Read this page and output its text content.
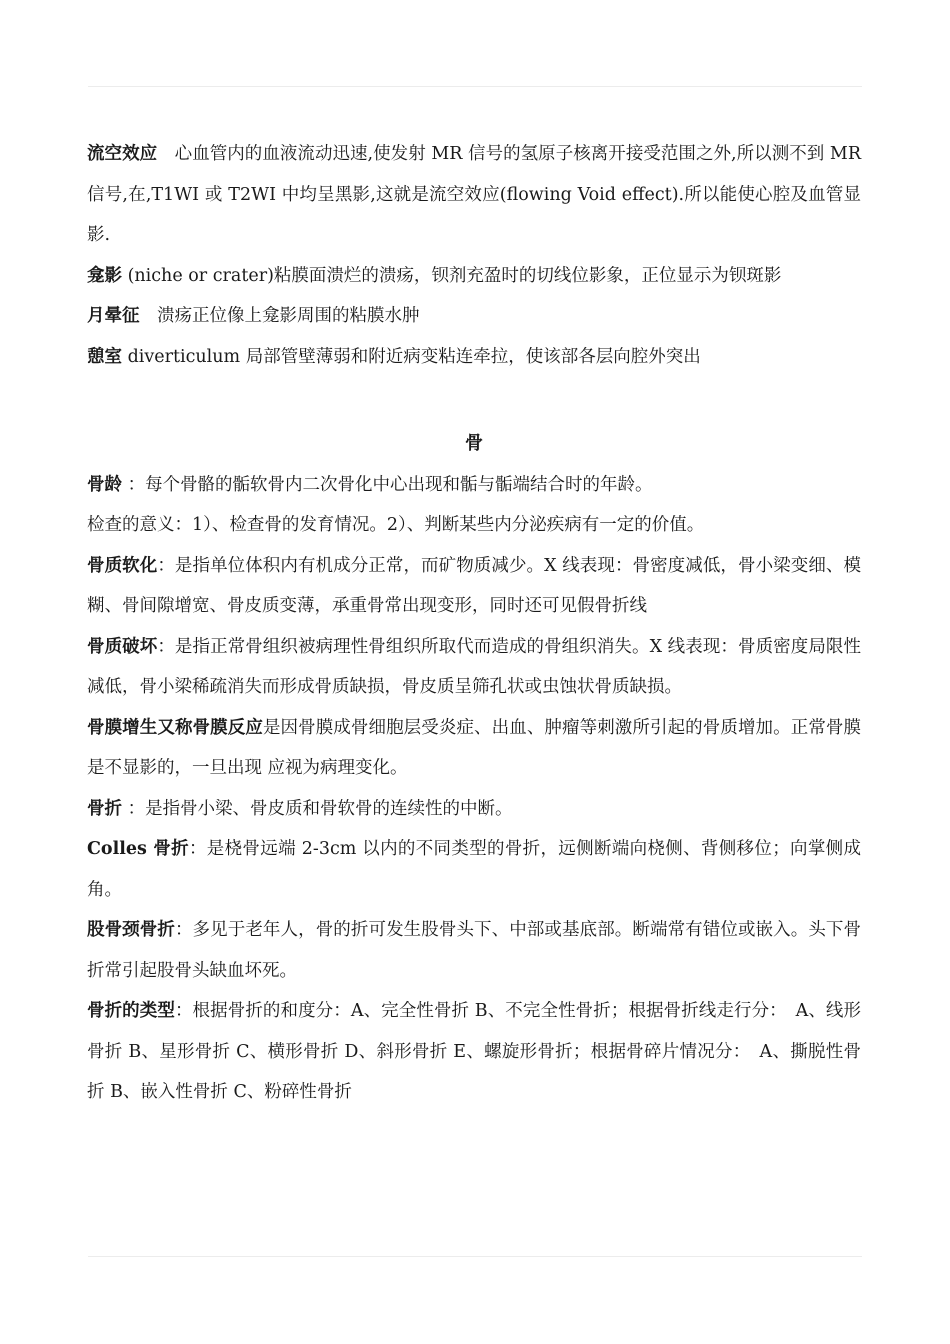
流空效应　心血管内的血液流动迅速,使发射 MR 信号的氢原子核离开接受范围之外,所以测不到 MR 信号,在,T1WI 或 T2WI 中均呈黑影,这就是流空效应(flowing Void effect).所以能使心腔及血管显影.

龛影 (niche or crater)粘膜面溃烂的溃疡，钡剂充盈时的切线位影象，正位显示为钡斑影

月晕征　溃疡正位像上龛影周围的粘膜水肿

憩室 diverticulum 局部管壁薄弱和附近病变粘连牵拉，使该部各层向腔外突出

骨

骨龄 ：每个骨骼的骺软骨内二次骨化中心出现和骺与骺端结合时的年龄。

检查的意义：1）、检查骨的发育情况。2）、判断某些内分泌疾病有一定的价值。

骨质软化：是指单位体积内有机成分正常，而矿物质减少。X 线表现：骨密度减低，骨小梁变细、模糊、骨间隙增宽、骨皮质变薄，承重骨常出现变形，同时还可见假骨折线

骨质破坏：是指正常骨组织被病理性骨组织所取代而造成的骨组织消失。X 线表现：骨质密度局限性减低，骨小梁稀疏消失而形成骨质缺损，骨皮质呈筛孔状或虫蚀状骨质缺损。

骨膜增生又称骨膜反应是因骨膜成骨细胞层受炎症、出血、肿瘤等刺激所引起的骨质增加。正常骨膜是不显影的，一旦出现 应视为病理变化。

骨折 ：是指骨小梁、骨皮质和骨软骨的连续性的中断。

Colles 骨折：是桡骨远端 2-3cm 以内的不同类型的骨折，远侧断端向桡侧、背侧移位；向掌侧成角。

股骨颈骨折：多见于老年人，骨的折可发生股骨头下、中部或基底部。断端常有错位或嵌入。头下骨折常引起股骨头缺血坏死。

骨折的类型：根据骨折的和度分：A、完全性骨折 B、不完全性骨折；根据骨折线走行分：　A、线形骨折 B、星形骨折 C、横形骨折 D、斜形骨折 E、螺旋形骨折；根据骨碎片情况分：　A、撕脱性骨折 B、嵌入性骨折 C、粉碎性骨折
